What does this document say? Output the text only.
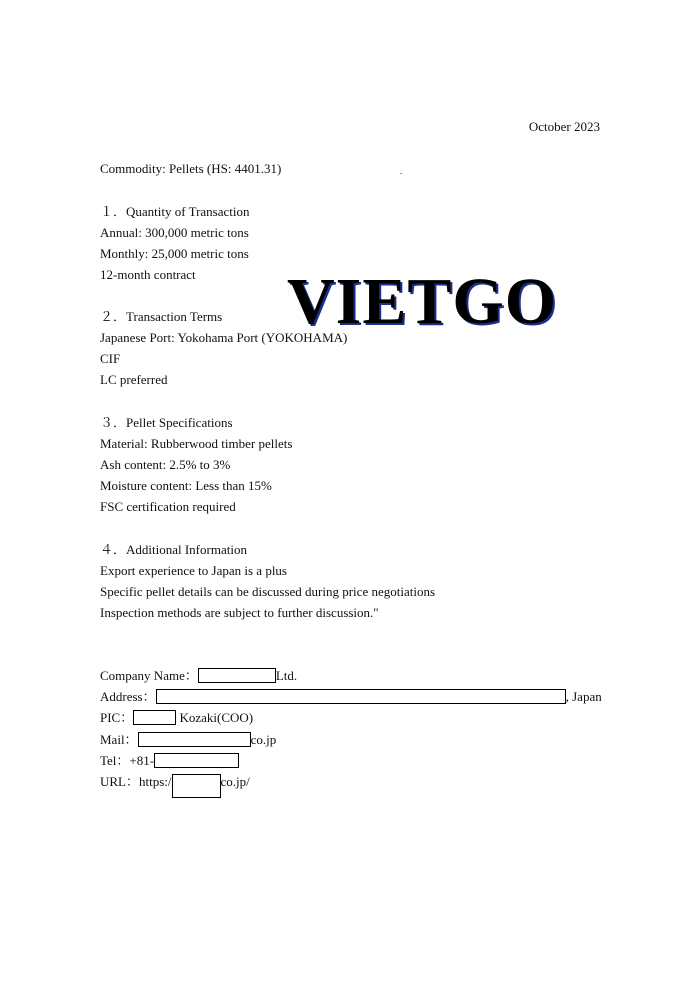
October 2023
Commodity: Pellets (HS: 4401.31)	.
１．Quantity of Transaction
Annual: 300,000 metric tons
Monthly: 25,000 metric tons
12-month contract
２．Transaction Terms
Japanese Port: Yokohama Port (YOKOHAMA)
CIF
LC preferred
３．Pellet Specifications
Material: Rubberwood timber pellets
Ash content: 2.5% to 3%
Moisture content: Less than 15%
FSC certification required
４．Additional Information
Export experience to Japan is a plus
Specific pellet details can be discussed during price negotiations
Inspection methods are subject to further discussion."
Company Name：	Ltd.
Address：	, Japan
PIC：	Kozaki(COO)
Mail：	co.jp
Tel：+81-
URL：https:/	co.jp/
VIETGO
